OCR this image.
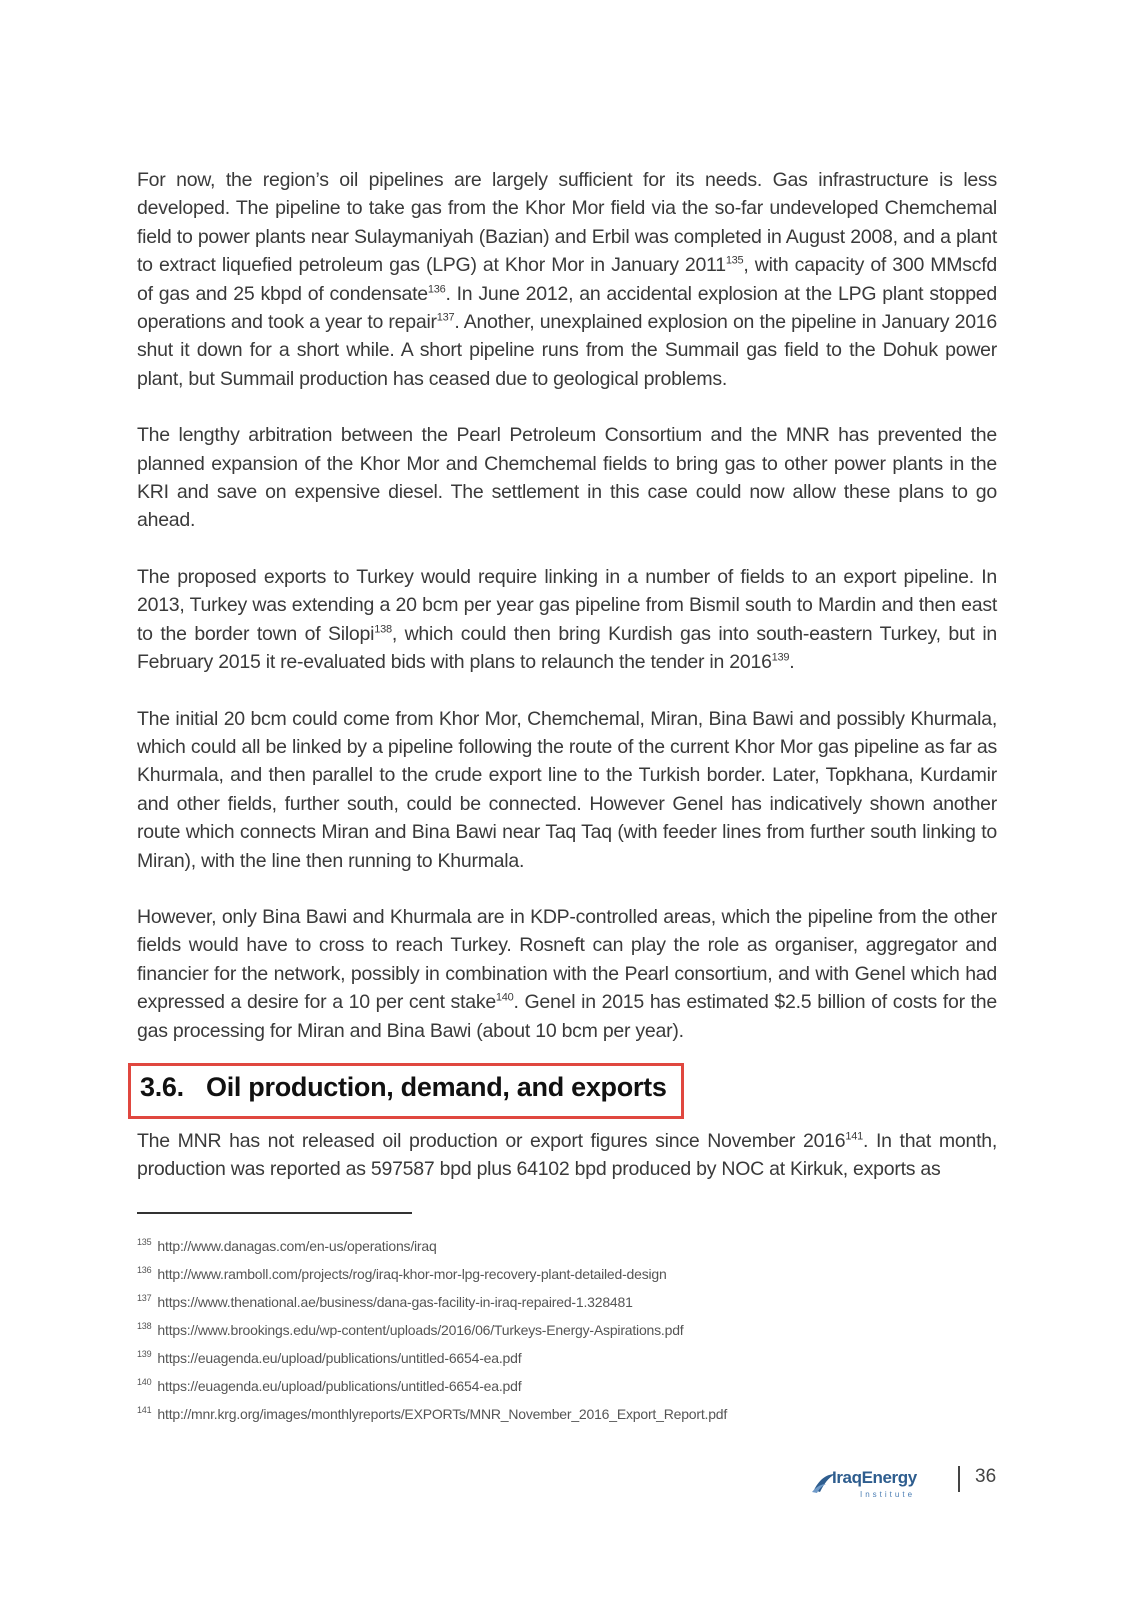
For now, the region’s oil pipelines are largely sufficient for its needs. Gas infrastructure is less developed. The pipeline to take gas from the Khor Mor field via the so-far undeveloped Chemchemal field to power plants near Sulaymaniyah (Bazian) and Erbil was completed in August 2008, and a plant to extract liquefied petroleum gas (LPG) at Khor Mor in January 2011$^{135}$, with capacity of 300 MMscfd of gas and 25 kbpd of condensate$^{136}$. In June 2012, an accidental explosion at the LPG plant stopped operations and took a year to repair$^{137}$. Another, unexplained explosion on the pipeline in January 2016 shut it down for a short while. A short pipeline runs from the Summail gas field to the Dohuk power plant, but Summail production has ceased due to geological problems.

The lengthy arbitration between the Pearl Petroleum Consortium and the MNR has prevented the planned expansion of the Khor Mor and Chemchemal fields to bring gas to other power plants in the KRI and save on expensive diesel. The settlement in this case could now allow these plans to go ahead.

The proposed exports to Turkey would require linking in a number of fields to an export pipeline. In 2013, Turkey was extending a 20 bcm per year gas pipeline from Bismil south to Mardin and then east to the border town of Silopi$^{138}$, which could then bring Kurdish gas into south-eastern Turkey, but in February 2015 it re-evaluated bids with plans to relaunch the tender in 2016$^{139}$.

The initial 20 bcm could come from Khor Mor, Chemchemal, Miran, Bina Bawi and possibly Khurmala, which could all be linked by a pipeline following the route of the current Khor Mor gas pipeline as far as Khurmala, and then parallel to the crude export line to the Turkish border. Later, Topkhana, Kurdamir and other fields, further south, could be connected. However Genel has indicatively shown another route which connects Miran and Bina Bawi near Taq Taq (with feeder lines from further south linking to Miran), with the line then running to Khurmala.

However, only Bina Bawi and Khurmala are in KDP-controlled areas, which the pipeline from the other fields would have to cross to reach Turkey. Rosneft can play the role as organiser, aggregator and financier for the network, possibly in combination with the Pearl consortium, and with Genel which had expressed a desire for a 10 per cent stake$^{140}$. Genel in 2015 has estimated $2.5 billion of costs for the gas processing for Miran and Bina Bawi (about 10 bcm per year).

3.6. Oil production, demand, and exports

The MNR has not released oil production or export figures since November 2016$^{141}$. In that month, production was reported as 597587 bpd plus 64102 bpd produced by NOC at Kirkuk, exports as

$^{135}$ http://www.danagas.com/en-us/operations/iraq
$^{136}$ http://www.ramboll.com/projects/rog/iraq-khor-mor-lpg-recovery-plant-detailed-design
$^{137}$ https://www.thenational.ae/business/dana-gas-facility-in-iraq-repaired-1.328481
$^{138}$ https://www.brookings.edu/wp-content/uploads/2016/06/Turkeys-Energy-Aspirations.pdf
$^{139}$ https://euagenda.eu/upload/publications/untitled-6654-ea.pdf
$^{140}$ https://euagenda.eu/upload/publications/untitled-6654-ea.pdf
$^{141}$ http://mnr.krg.org/images/monthlyreports/EXPORTs/MNR_November_2016_Export_Report.pdf
IraqEnergy
Institute
36
